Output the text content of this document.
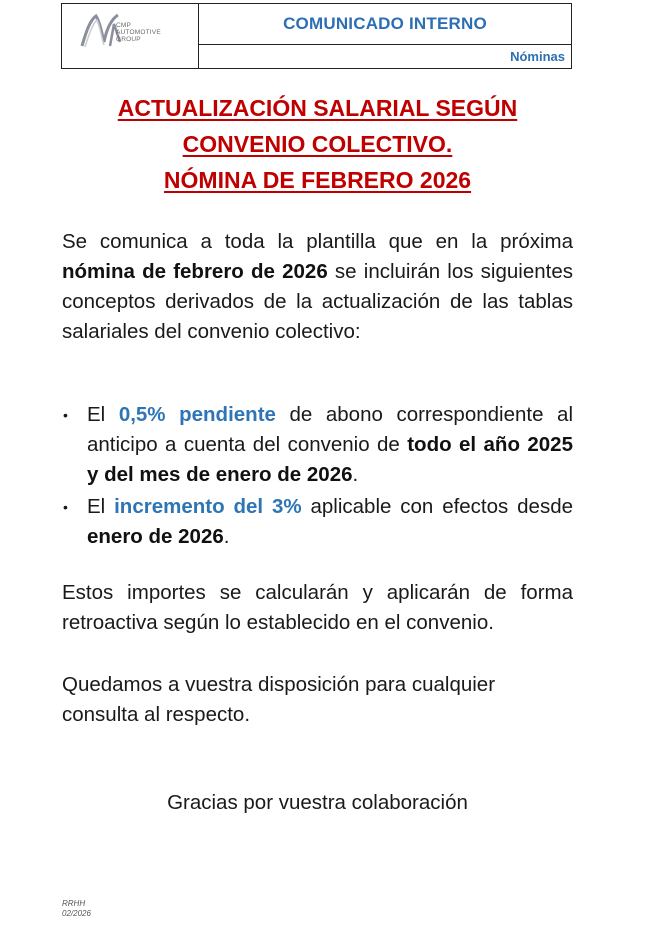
CMP
AUTOMOTIVE
GROUP
COMUNICADO INTERNO
Nóminas
ACTUALIZACIÓN SALARIAL SEGÚN
CONVENIO COLECTIVO.
NÓMINA DE FEBRERO 2026
Se comunica a toda la plantilla que en la próxima nómina de febrero de 2026 se incluirán los siguientes conceptos derivados de la actualización de las tablas salariales del convenio colectivo:
• El 0,5% pendiente de abono correspondiente al anticipo a cuenta del convenio de todo el año 2025 y del mes de enero de 2026.
• El incremento del 3% aplicable con efectos desde enero de 2026.
Estos importes se calcularán y aplicarán de forma retroactiva según lo establecido en el convenio.
Quedamos a vuestra disposición para cualquier consulta al respecto.
Gracias por vuestra colaboración
RRHH
02/2026
